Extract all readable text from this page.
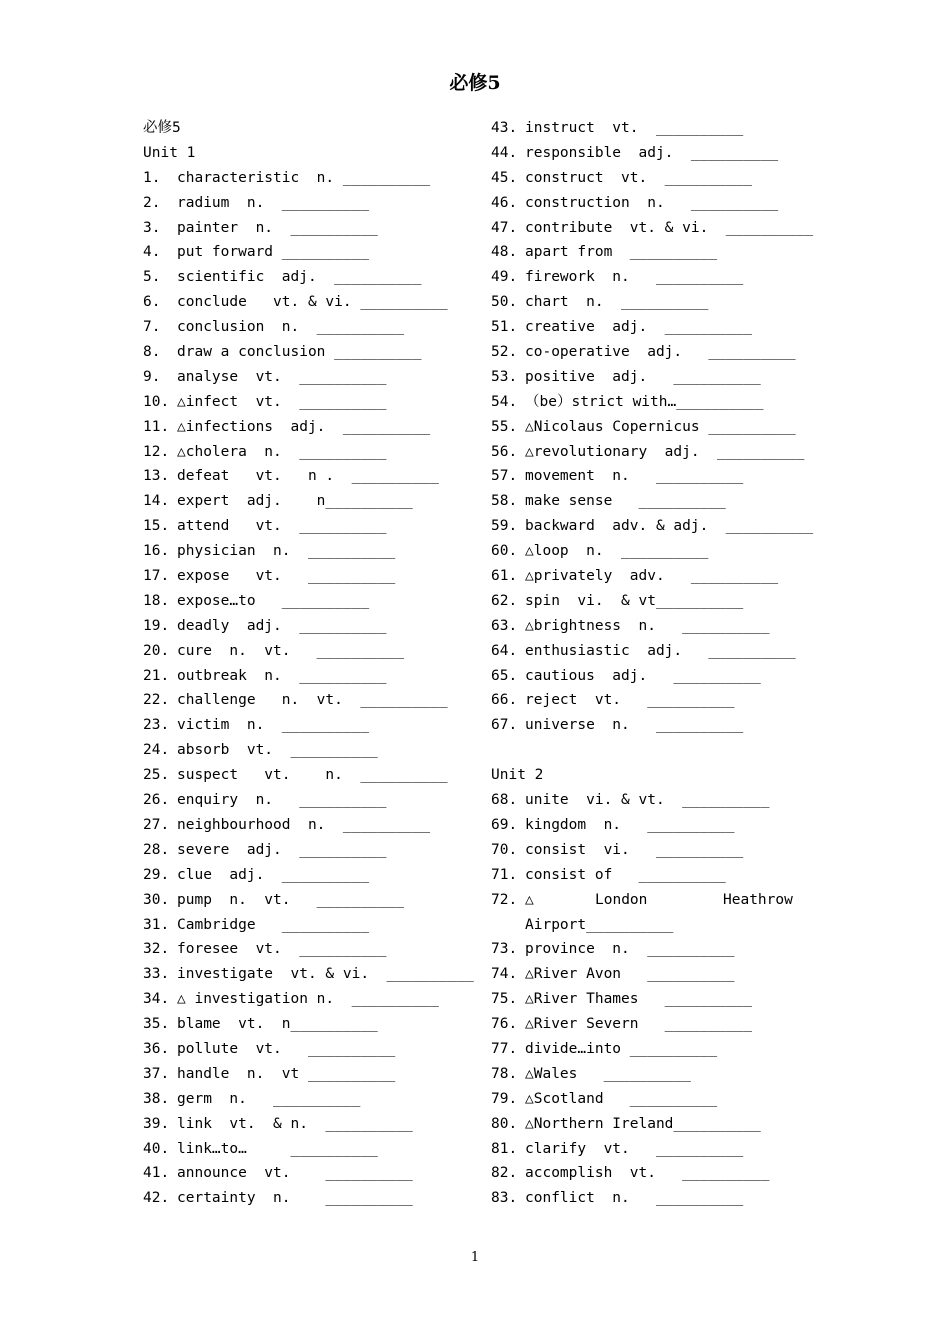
必修5
必修5
Unit 1
1. characteristic  n. __________
2. radium  n.  __________
3. painter  n.  __________
4. put forward __________
5. scientific  adj.  __________
6. conclude   vt. & vi. __________
7. conclusion  n.  __________
8. draw a conclusion __________
9. analyse  vt.  __________
10. △infect  vt.  __________
11. △infections  adj.  __________
12. △cholera  n.  __________
13. defeat   vt.   n .  __________
14. expert  adj.    n__________
15. attend   vt.  __________
16. physician  n.  __________
17. expose   vt.   __________
18. expose…to   __________
19. deadly  adj.  __________
20. cure  n.  vt.   __________
21. outbreak  n.  __________
22. challenge   n.  vt.  __________
23. victim  n.  __________
24. absorb  vt.  __________
25. suspect   vt.    n.  __________
26. enquiry  n.   __________
27. neighbourhood  n.  __________
28. severe  adj.  __________
29. clue  adj.  __________
30. pump  n.  vt.   __________
31. Cambridge   __________
32. foresee  vt.  __________
33. investigate  vt. & vi.  __________
34. △ investigation n.  __________
35. blame  vt.  n__________
36. pollute  vt.   __________
37. handle  n.  vt __________
38. germ  n.   __________
39. link  vt.  & n.  __________
40. link…to…     __________
41. announce  vt.    __________
42. certainty  n.    __________
43. instruct  vt.  __________
44. responsible  adj.  __________
45. construct  vt.  __________
46. construction  n.   __________
47. contribute  vt. & vi.  __________
48. apart from  __________
49. firework  n.   __________
50. chart  n.  __________
51. creative  adj.  __________
52. co-operative  adj.   __________
53. positive  adj.   __________
54. （be）strict with…__________
55. △Nicolaus Copernicus __________
56. △revolutionary  adj.  __________
57. movement  n.   __________
58. make sense   __________
59. backward  adv. & adj.  __________
60. △loop  n.  __________
61. △privately  adv.   __________
62. spin  vi.  & vt__________
63. △brightness  n.   __________
64. enthusiastic  adj.   __________
65. cautious  adj.   __________
66. reject  vt.   __________
67. universe  n.   __________
Unit 2
68. unite  vi. & vt.  __________
69. kingdom  n.   __________
70. consist  vi.   __________
71. consist of   __________
72. △	London	Heathrow
Airport__________
73. province  n.  __________
74. △River Avon   __________
75. △River Thames   __________
76. △River Severn   __________
77. divide…into __________
78. △Wales   __________
79. △Scotland   __________
80. △Northern Ireland__________
81. clarify  vt.   __________
82. accomplish  vt.   __________
83. conflict  n.   __________
1
